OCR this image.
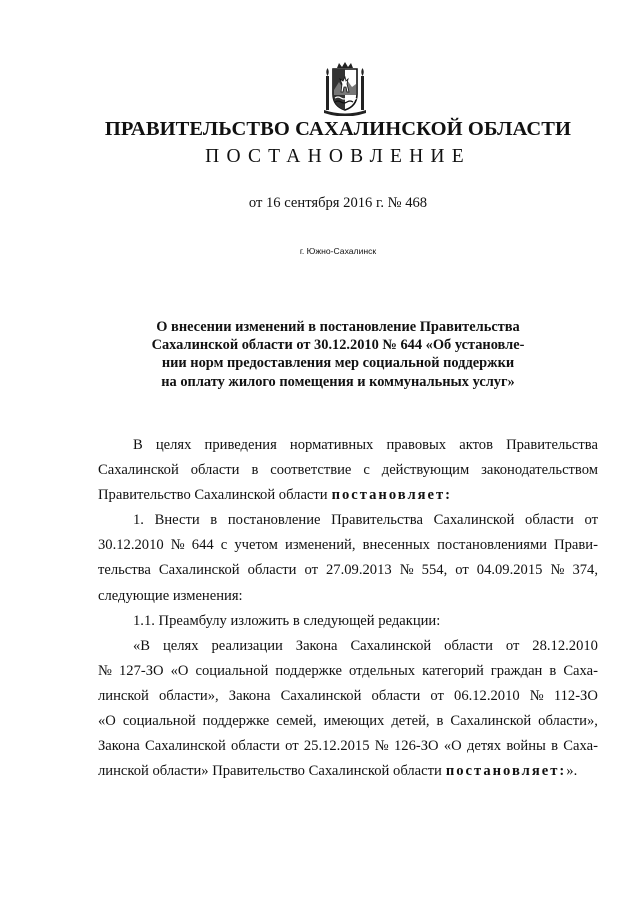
ПРАВИТЕЛЬСТВО САХАЛИНСКОЙ ОБЛАСТИ
ПОСТАНОВЛЕНИЕ
от 16 сентября 2016 г. № 468
г. Южно-Сахалинск
О внесении изменений в постановление Правительства
Сахалинской области от 30.12.2010 № 644 «Об установле-
нии норм предоставления мер социальной поддержки
на оплату жилого помещения и коммунальных услуг»
В целях приведения нормативных правовых актов Правительства
Сахалинской области в соответствие с действующим законодательством
Правительство Сахалинской области постановляет:
1. Внести в постановление Правительства Сахалинской области от
30.12.2010 № 644 с учетом изменений, внесенных постановлениями Прави-
тельства Сахалинской области от 27.09.2013 № 554, от 04.09.2015 № 374,
следующие изменения:
1.1. Преамбулу изложить в следующей редакции:
«В целях реализации Закона Сахалинской области от 28.12.2010
№ 127-ЗО «О социальной поддержке отдельных категорий граждан в Саха-
линской области», Закона Сахалинской области от 06.12.2010 № 112-ЗО
«О социальной поддержке семей, имеющих детей, в Сахалинской области»,
Закона Сахалинской области от 25.12.2015 № 126-ЗО «О детях войны в Саха-
линской области» Правительство Сахалинской области постановляет: ».
